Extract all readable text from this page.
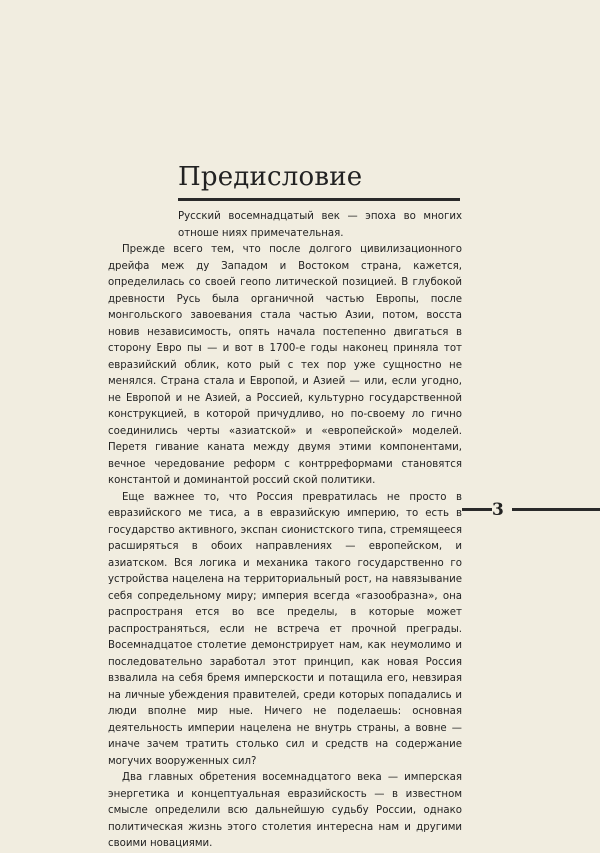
Предисловие

Русский восемнадцатый век — эпоха во многих отноше ниях примечательная.

Прежде всего тем, что после долгого цивилизационного дрейфа меж ду Западом и Востоком страна, кажется, определилась со своей геопо литической позицией. В глубокой древности Русь была органичной частью Европы, после монгольского завоевания стала частью Азии, потом, восста новив независимость, опять начала постепенно двигаться в сторону Евро пы — и вот в 1700-е годы наконец приняла тот евразийский облик, кото рый с тех пор уже сущностно не менялся. Страна стала и Европой, и Азией — или, если угодно, не Европой и не Азией, а Россией, культурно государственной конструкцией, в которой причудливо, но по-своему ло гично соединились черты «азиатской» и «европейской» моделей. Перетя гивание каната между двумя этими компонентами, вечное чередование реформ с контрреформами становятся константой и доминантой россий ской политики.

Еще важнее то, что Россия превратилась не просто в евразийского ме тиса, а в евразийскую империю, то есть в государство активного, экспан сионистского типа, стремящееся расширяться в обоих направлениях — европейском, и азиатском. Вся логика и механика такого государственно го устройства нацелена на территориальный рост, на навязывание себя сопредельному миру; империя всегда «газообразна», она распространя ется во все пределы, в которые может распространяться, если не встреча ет прочной преграды. Восемнадцатое столетие демонстрирует нам, как неумолимо и последовательно заработал этот принцип, как новая Россия взвалила на себя бремя имперскости и потащила его, невзирая на личные убеждения правителей, среди которых попадались и люди вполне мир ные. Ничего не поделаешь: основная деятельность империи нацелена не внутрь страны, а вовне — иначе зачем тратить столько сил и средств на содержание могучих вооруженных сил?

Два главных обретения восемнадцатого века — имперская энергетика и концептуальная евразийскость — в известном смысле определили всю дальнейшую судьбу России, однако политическая жизнь этого столетия интересна нам и другими своими новациями.

3
